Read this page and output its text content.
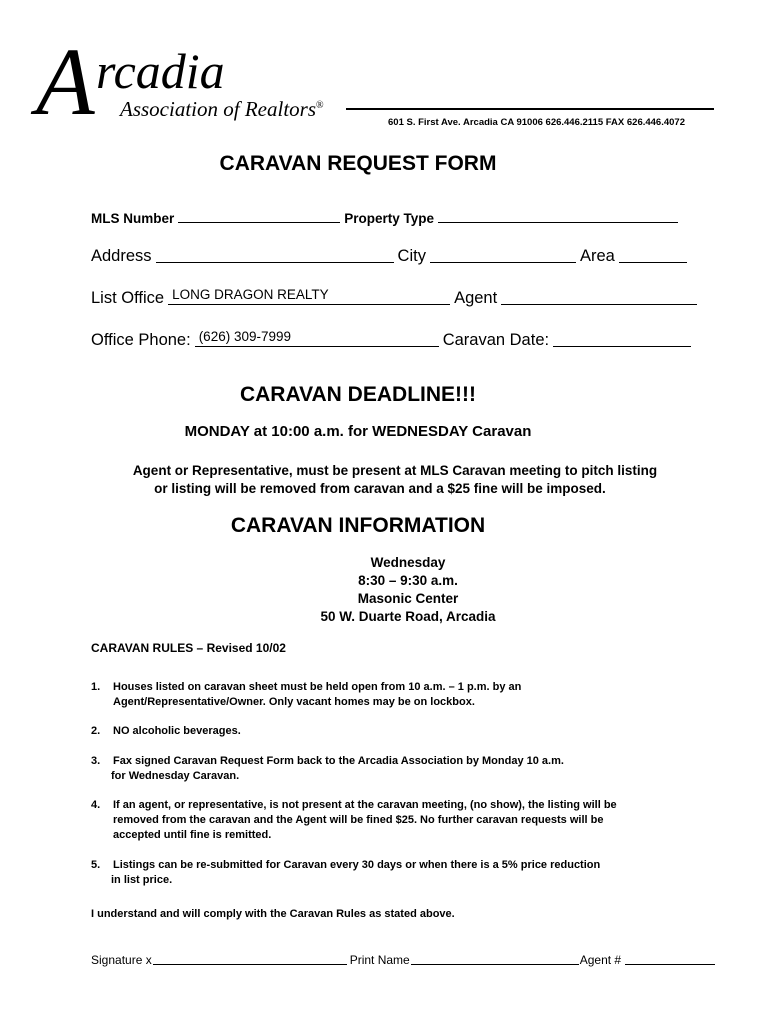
A rcadia
Association of Realtors®
601 S. First Ave. Arcadia CA 91006 626.446.2115 FAX 626.446.4072
CARAVAN REQUEST FORM
MLS Number	Property Type
Address	City	Area
List Office LONG DRAGON REALTY	Agent
Office Phone: (626) 309-7999	Caravan Date:
CARAVAN DEADLINE!!!
MONDAY at 10:00 a.m. for WEDNESDAY Caravan
Agent or Representative, must be present at MLS Caravan meeting to pitch listing
or listing will be removed from caravan and a $25 fine will be imposed.
CARAVAN INFORMATION
Wednesday
8:30 – 9:30 a.m.
Masonic Center
50 W. Duarte Road, Arcadia
CARAVAN RULES – Revised 10/02
1. Houses listed on caravan sheet must be held open from 10 a.m. – 1 p.m. by an
Agent/Representative/Owner. Only vacant homes may be on lockbox.
2. NO alcoholic beverages.
3. Fax signed Caravan Request Form back to the Arcadia Association by Monday 10 a.m.
for Wednesday Caravan.
4. If an agent, or representative, is not present at the caravan meeting, (no show), the listing will be
removed from the caravan and the Agent will be fined $25. No further caravan requests will be
accepted until fine is remitted.
5. Listings can be re-submitted for Caravan every 30 days or when there is a 5% price reduction
in list price.
I understand and will comply with the Caravan Rules as stated above.
Signature x	Print Name	Agent #
